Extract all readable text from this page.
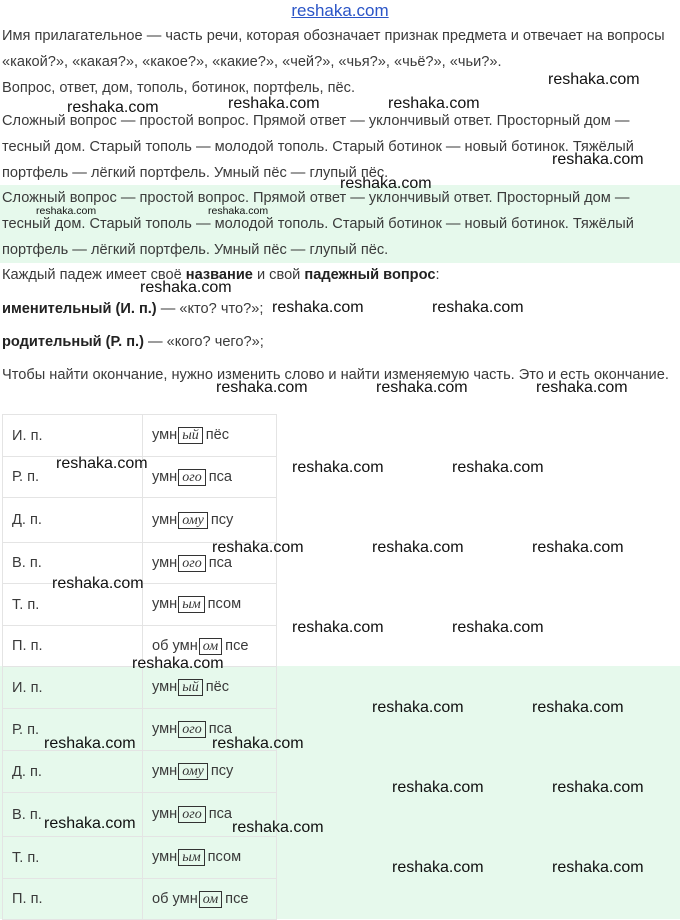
reshaka.com

Имя прилагательное — часть речи, которая обозначает признак предмета и отвечает на вопросы «какой?», «какая?», «какое?», «какие?», «чей?», «чья?», «чьё?», «чьи?».

Вопрос, ответ, дом, тополь, ботинок, портфель, пёс.

Сложный вопрос — простой вопрос. Прямой ответ — уклончивый ответ. Просторный дом — тесный дом. Старый тополь — молодой тополь. Старый ботинок — новый ботинок. Тяжёлый портфель — лёгкий портфель. Умный пёс — глупый пёс.

Сложный вопрос — простой вопрос. Прямой ответ — уклончивый ответ. Просторный дом — тесный дом. Старый тополь — молодой тополь. Старый ботинок — новый ботинок. Тяжёлый портфель — лёгкий портфель. Умный пёс — глупый пёс.

Каждый падеж имеет своё название и свой падежный вопрос:

именительный (И. п.) — «кто? что?»;

родительный (Р. п.) — «кого? чего?»;

Чтобы найти окончание, нужно изменить слово и найти изменяемую часть. Это и есть окончание.

И. п.	умн ый пёс
Р. п.	умн ого пса
Д. п.	умн ому псу
В. п.	умн ого пса
Т. п.	умн ым псом
П. п.	об умн ом псе
И. п.	умн ый пёс
Р. п.	умн ого пса
Д. п.	умн ому псу
В. п.	умн ого пса
Т. п.	умн ым псом
П. п.	об умн ом псе
reshaka.com
reshaka.com	reshaka.com	reshaka.com
reshaka.com
reshaka.com
reshaka.com	reshaka.com
reshaka.com
reshaka.com	reshaka.com
reshaka.com	reshaka.com	reshaka.com
reshaka.com	reshaka.com	reshaka.com
reshaka.com	reshaka.com	reshaka.com
reshaka.com
reshaka.com	reshaka.com
reshaka.com
reshaka.com	reshaka.com
reshaka.com	reshaka.com
reshaka.com	reshaka.com
reshaka.com	reshaka.com
reshaka.com	reshaka.com
